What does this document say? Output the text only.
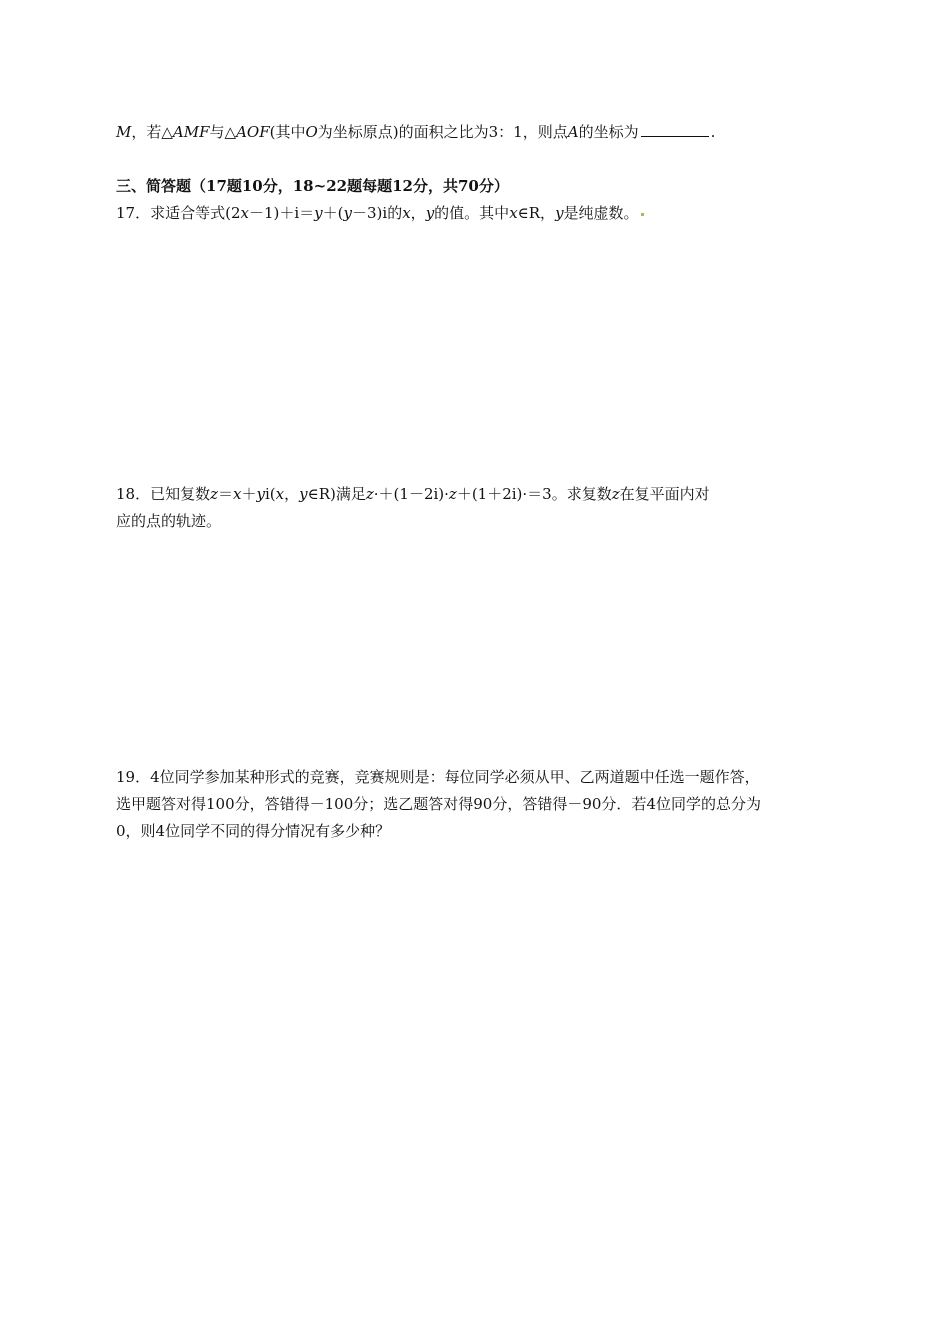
M，若△AMF与△AOF(其中O为坐标原点)的面积之比为3：1，则点A的坐标为	.
三、简答题（17题10分，18~22题每题12分，共70分）
17．求适合等式(2x－1)＋i＝y＋(y－3)i的x，y的值。其中x∈R，y是纯虚数。
18．已知复数z＝x＋yi(x，y∈R)满足z·＋(1－2i)·z＋(1＋2i)·＝3。求复数z在复平面内对
应的点的轨迹。
19．4位同学参加某种形式的竞赛，竞赛规则是：每位同学必须从甲、乙两道题中任选一题作答，
选甲题答对得100分，答错得－100分；选乙题答对得90分，答错得－90分．若4位同学的总分为
0，则4位同学不同的得分情况有多少种？
